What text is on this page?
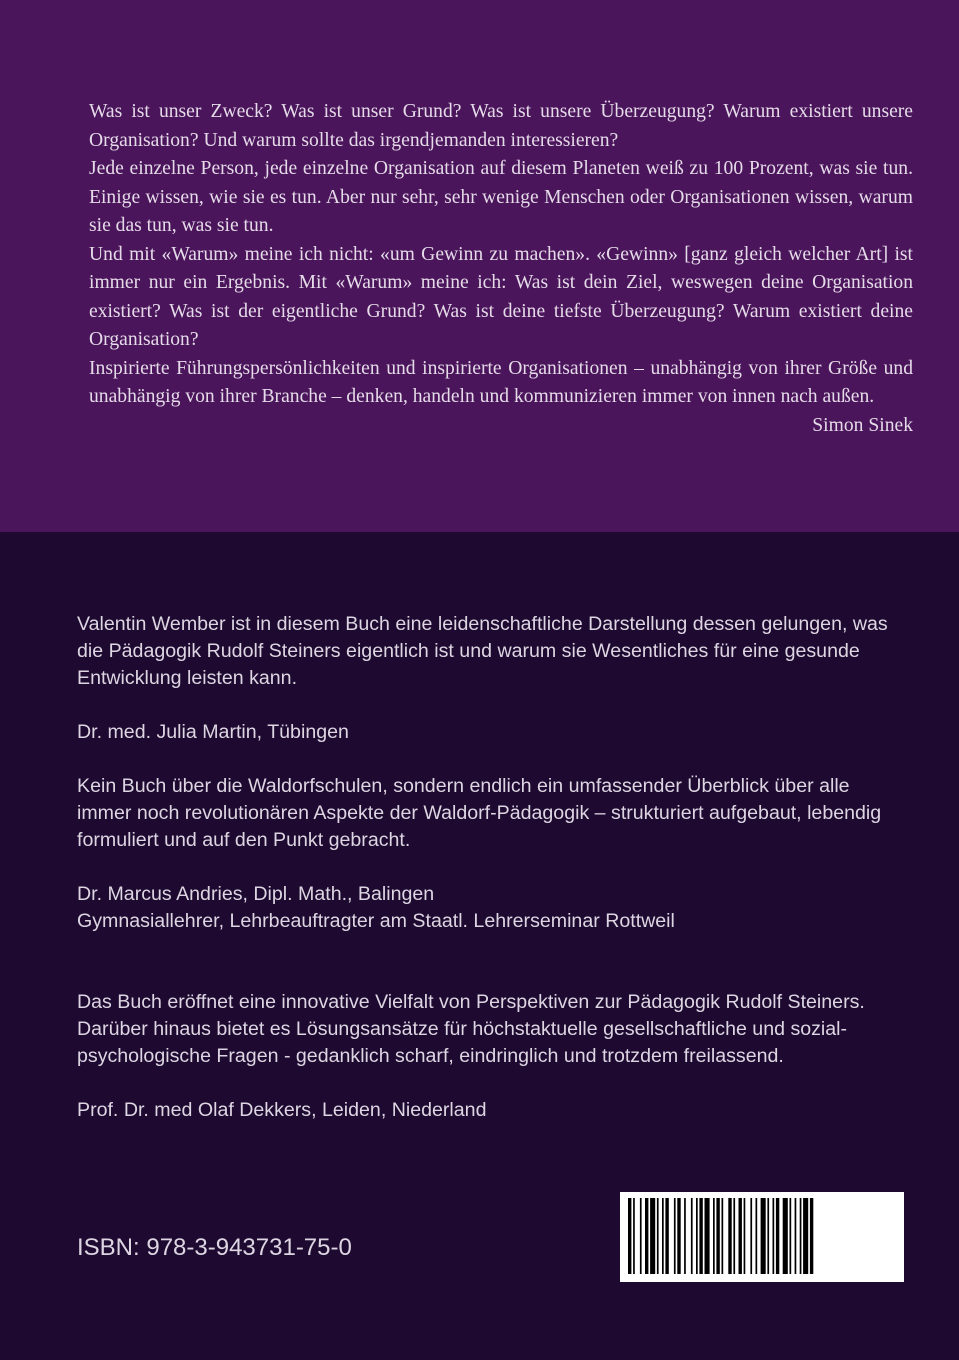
Was ist unser Zweck? Was ist unser Grund? Was ist unsere Überzeugung? Warum existiert unsere Organisation? Und warum sollte das irgendjemanden interessieren?

Jede einzelne Person, jede einzelne Organisation auf diesem Planeten weiß zu 100 Prozent, was sie tun. Einige wissen, wie sie es tun. Aber nur sehr, sehr wenige Menschen oder Organisationen wissen, warum sie das tun, was sie tun.

Und mit «Warum» meine ich nicht: «um Gewinn zu machen». «Gewinn» [ganz gleich welcher Art] ist immer nur ein Ergebnis. Mit «Warum» meine ich: Was ist dein Ziel, weswegen deine Organisation existiert? Was ist der eigentliche Grund? Was ist deine tiefste Überzeugung? Warum existiert deine Organisation?

Inspirierte Führungspersönlichkeiten und inspirierte Organisationen – unabhängig von ihrer Größe und unabhängig von ihrer Branche – denken, handeln und kommunizieren immer von innen nach außen.

Simon Sinek

Valentin Wember ist in diesem Buch eine leidenschaftliche Darstellung dessen gelungen, was die Pädagogik Rudolf Steiners eigentlich ist und warum sie Wesentliches für eine gesunde Entwicklung leisten kann.

Dr. med. Julia Martin, Tübingen

Kein Buch über die Waldorfschulen, sondern endlich ein umfassender Überblick über alle immer noch revolutionären Aspekte der Waldorf-Pädagogik – strukturiert aufgebaut, lebendig formuliert und auf den Punkt gebracht.

Dr. Marcus Andries, Dipl. Math., Balingen

Gymnasiallehrer, Lehrbeauftragter am Staatl. Lehrerseminar Rottweil

Das Buch eröffnet eine innovative Vielfalt von Perspektiven zur Pädagogik Rudolf Steiners. Darüber hinaus bietet es Lösungsansätze für höchstaktuelle gesellschaftliche und sozial-psychologische Fragen - gedanklich scharf, eindringlich und trotzdem freilassend.

Prof. Dr. med Olaf Dekkers, Leiden, Niederland

ISBN: 978-3-943731-75-0
